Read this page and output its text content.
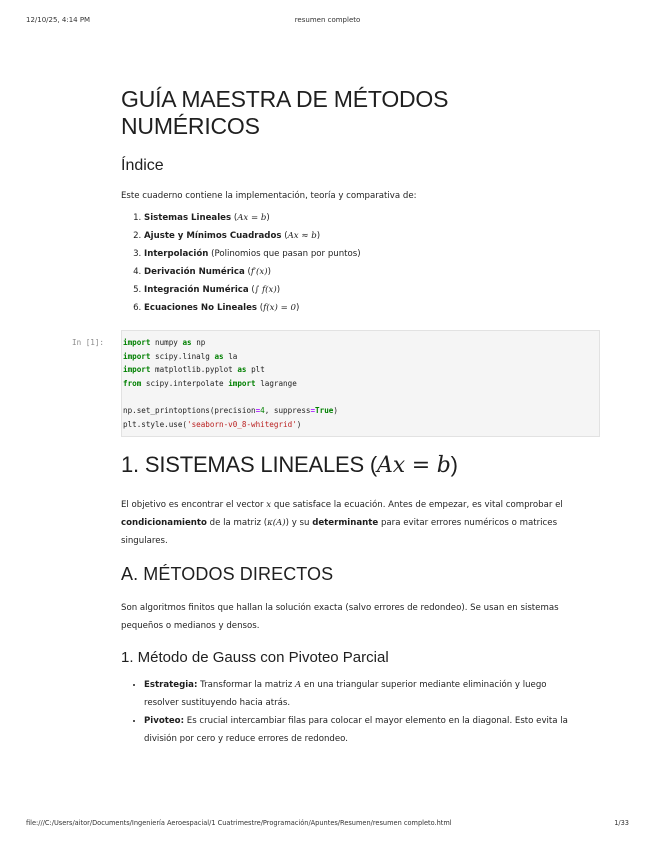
12/10/25, 4:14 PM	resumen completo
GUÍA MAESTRA DE MÉTODOS NUMÉRICOS
Índice

Este cuaderno contiene la implementación, teoría y comparativa de:

1. Sistemas Lineales (Ax = b)
2. Ajuste y Mínimos Cuadrados (Ax ≈ b)
3. Interpolación (Polinomios que pasan por puntos)
4. Derivación Numérica (f′(x))
5. Integración Numérica (∫ f(x))
6. Ecuaciones No Lineales (f(x) = 0)
In [1]: import numpy as np
import scipy.linalg as la
import matplotlib.pyplot as plt
from scipy.interpolate import lagrange

np.set_printoptions(precision=4, suppress=True)
plt.style.use('seaborn-v0_8-whitegrid')
1. SISTEMAS LINEALES (Ax = b)

El objetivo es encontrar el vector x que satisface la ecuación. Antes de empezar, es vital comprobar el condicionamiento de la matriz (κ(A)) y su determinante para evitar errores numéricos o matrices singulares.

A. MÉTODOS DIRECTOS

Son algoritmos finitos que hallan la solución exacta (salvo errores de redondeo). Se usan en sistemas pequeños o medianos y densos.

1. Método de Gauss con Pivoteo Parcial
• Estrategia: Transformar la matriz A en una triangular superior mediante eliminación y luego resolver sustituyendo hacia atrás.
• Pivoteo: Es crucial intercambiar filas para colocar el mayor elemento en la diagonal. Esto evita la división por cero y reduce errores de redondeo.
file:///C:/Users/aitor/Documents/Ingeniería Aeroespacial/1 Cuatrimestre/Programación/Apuntes/Resumen/resumen completo.html	1/33
